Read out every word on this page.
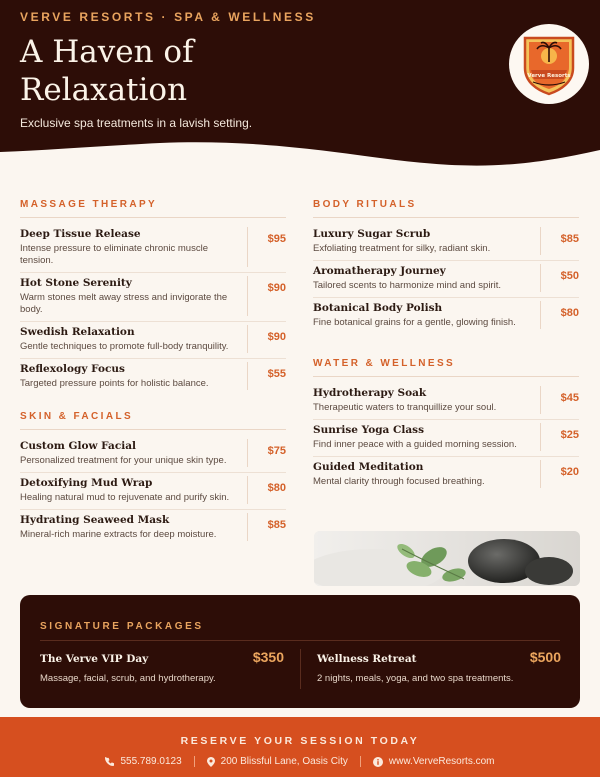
VERVE RESORTS · SPA & WELLNESS
A Haven of Relaxation
Exclusive spa treatments in a lavish setting.
Verve Resorts
MASSAGE THERAPY
Deep Tissue Release
Intense pressure to eliminate chronic muscle tension.
$95
Hot Stone Serenity
Warm stones melt away stress and invigorate the body.
$90
Swedish Relaxation
Gentle techniques to promote full-body tranquility.
$90
Reflexology Focus
Targeted pressure points for holistic balance.
$55
SKIN & FACIALS
Custom Glow Facial
Personalized treatment for your unique skin type.
$75
Detoxifying Mud Wrap
Healing natural mud to rejuvenate and purify skin.
$80
Hydrating Seaweed Mask
Mineral-rich marine extracts for deep moisture.
$85
BODY RITUALS
Luxury Sugar Scrub
Exfoliating treatment for silky, radiant skin.
$85
Aromatherapy Journey
Tailored scents to harmonize mind and spirit.
$50
Botanical Body Polish
Fine botanical grains for a gentle, glowing finish.
$80
WATER & WELLNESS
Hydrotherapy Soak
Therapeutic waters to tranquillize your soul.
$45
Sunrise Yoga Class
Find inner peace with a guided morning session.
$25
Guided Meditation
Mental clarity through focused breathing.
$20
SIGNATURE PACKAGES
The Verve VIP Day	$350
Massage, facial, scrub, and hydrotherapy.
Wellness Retreat	$500
2 nights, meals, yoga, and two spa treatments.
RESERVE YOUR SESSION TODAY
555.789.0123	200 Blissful Lane, Oasis City	www.VerveResorts.com
